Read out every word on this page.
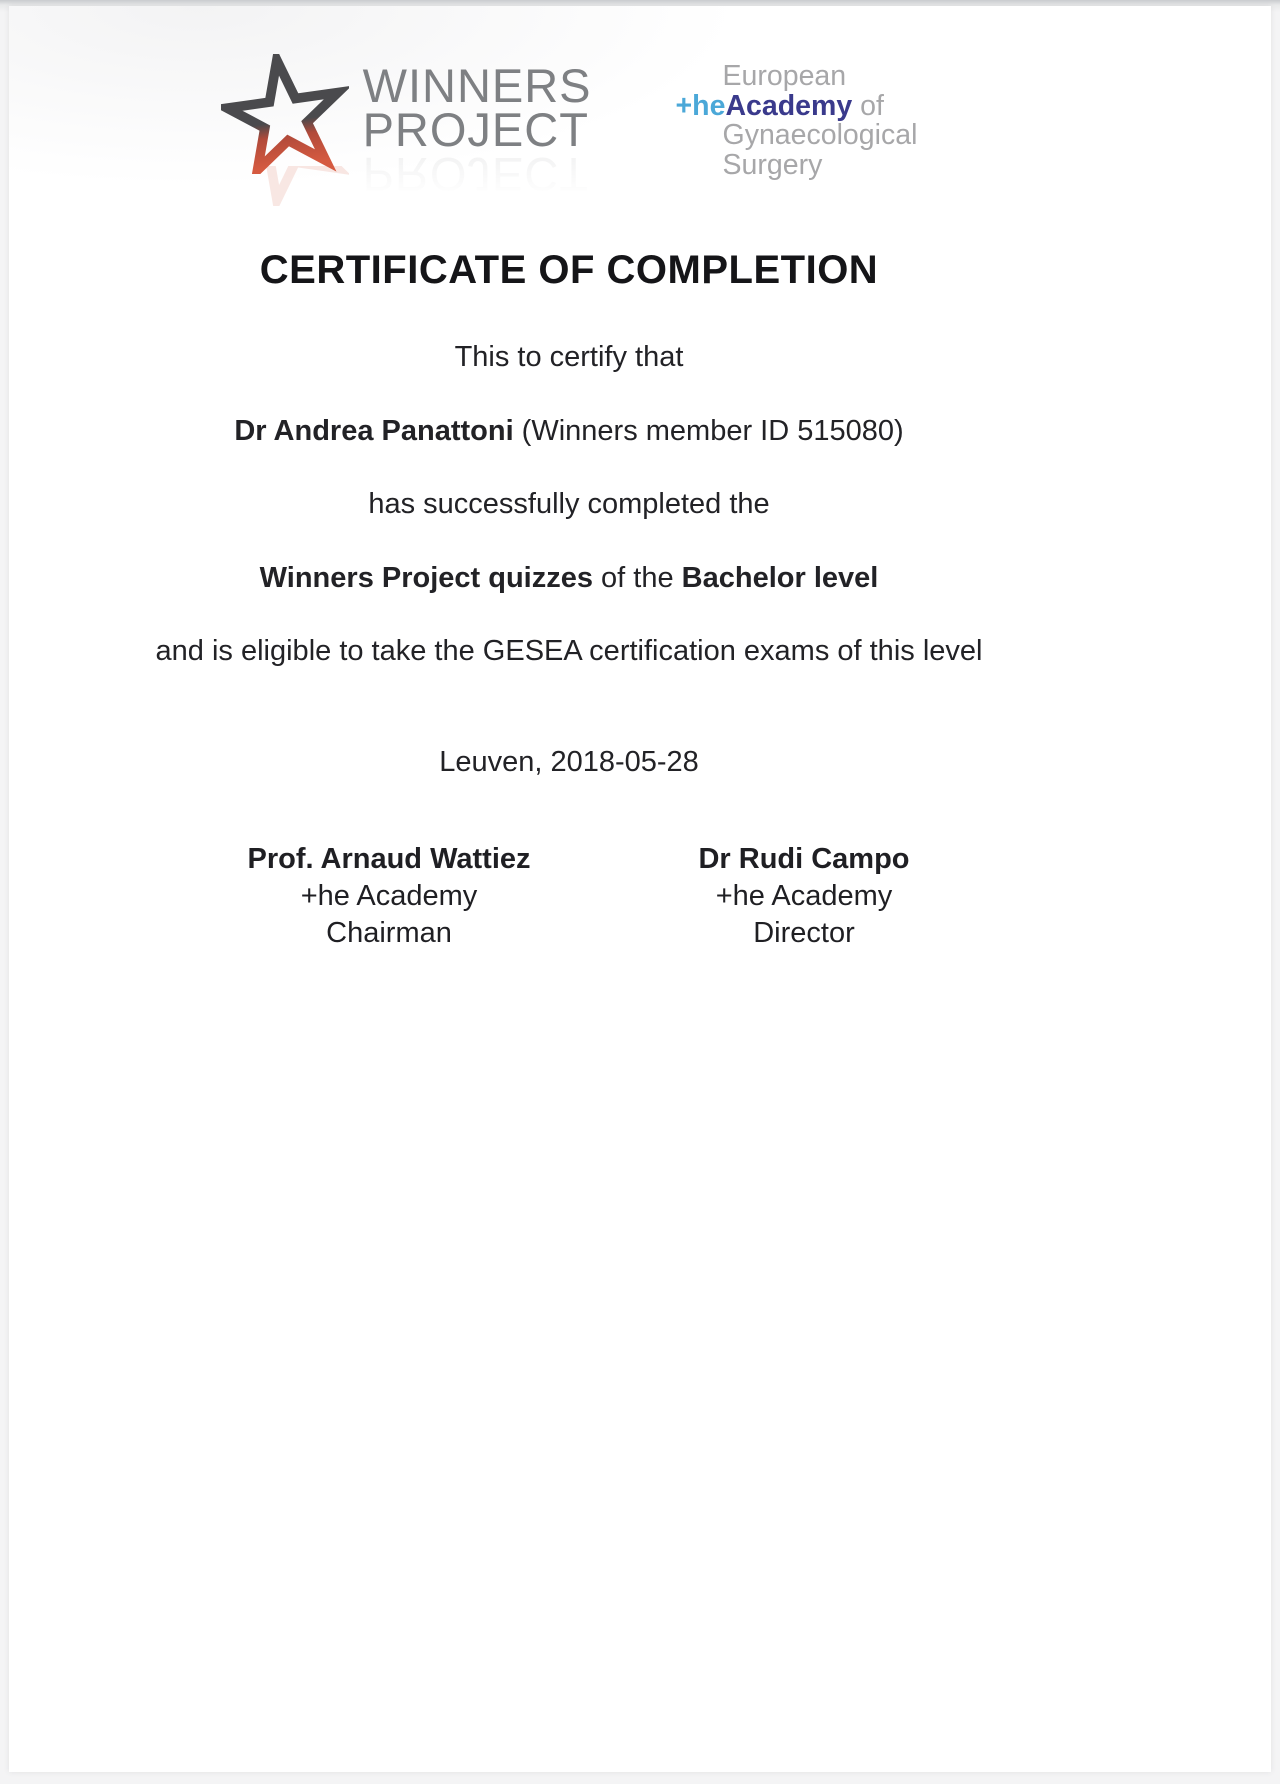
WINNERS
PROJECT
PROJECT
European
+heAcademy of
Gynaecological
Surgery
CERTIFICATE OF COMPLETION

This to certify that

Dr Andrea Panattoni (Winners member ID 515080)

has successfully completed the

Winners Project quizzes of the Bachelor level

and is eligible to take the GESEA certification exams of this level

Leuven, 2018-05-28

Prof. Arnaud Wattiez
+he Academy
Chairman
Dr Rudi Campo
+he Academy
Director
